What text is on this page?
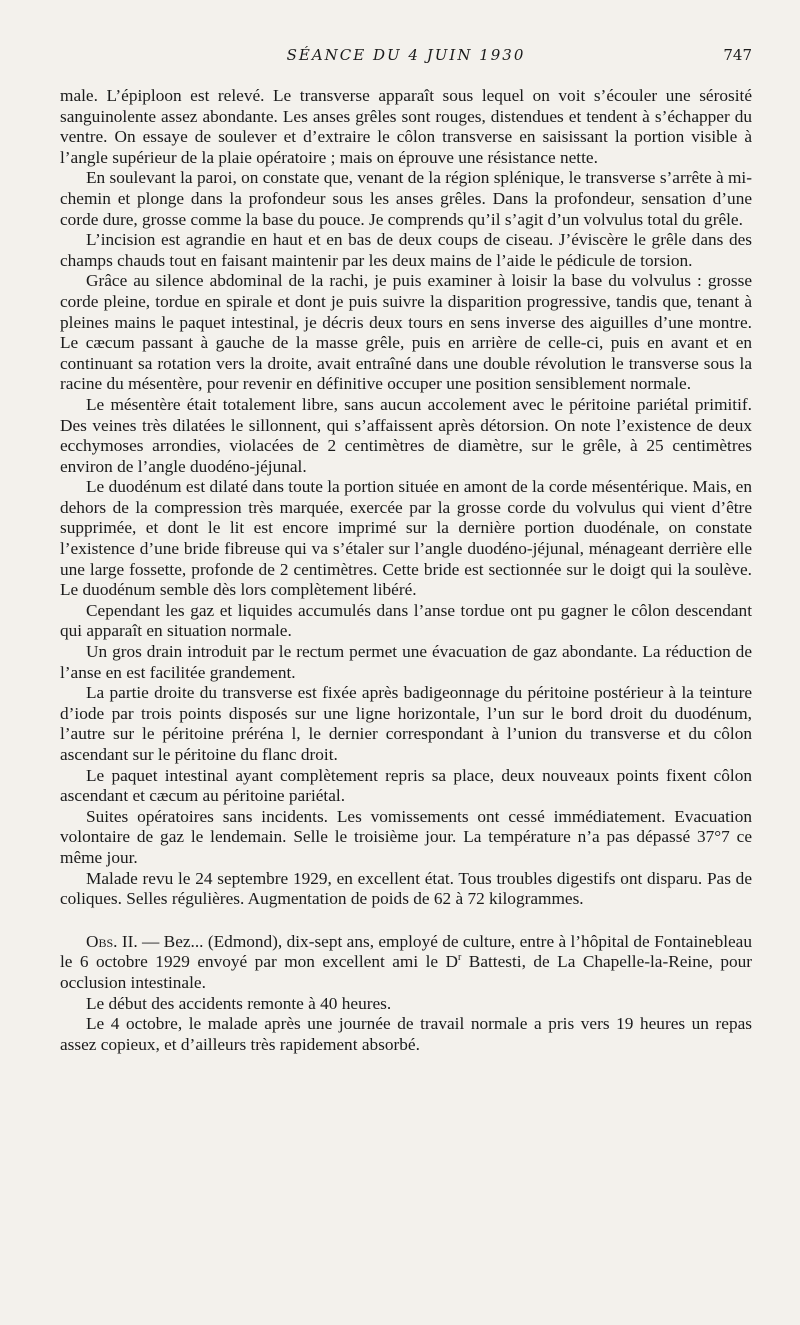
SÉANCE DU 4 JUIN 1930	747

male. L’épiploon est relevé. Le transverse apparaît sous lequel on voit s’écouler une sérosité sanguinolente assez abondante. Les anses grêles sont rouges, distendues et tendent à s’échapper du ventre. On essaye de soulever et d’extraire le côlon transverse en saisissant la portion visible à l’angle supérieur de la plaie opératoire ; mais on éprouve une résistance nette.

En soulevant la paroi, on constate que, venant de la région splénique, le transverse s’arrête à mi-chemin et plonge dans la profondeur sous les anses grêles. Dans la profondeur, sensation d’une corde dure, grosse comme la base du pouce. Je comprends qu’il s’agit d’un volvulus total du grêle.

L’incision est agrandie en haut et en bas de deux coups de ciseau. J’éviscère le grêle dans des champs chauds tout en faisant maintenir par les deux mains de l’aide le pédicule de torsion.

Grâce au silence abdominal de la rachi, je puis examiner à loisir la base du volvulus : grosse corde pleine, tordue en spirale et dont je puis suivre la disparition progressive, tandis que, tenant à pleines mains le paquet intestinal, je décris deux tours en sens inverse des aiguilles d’une montre. Le cæcum passant à gauche de la masse grêle, puis en arrière de celle-ci, puis en avant et en continuant sa rotation vers la droite, avait entraîné dans une double révolution le transverse sous la racine du mésentère, pour revenir en définitive occuper une position sensiblement normale.

Le mésentère était totalement libre, sans aucun accolement avec le péritoine pariétal primitif. Des veines très dilatées le sillonnent, qui s’affaissent après détorsion. On note l’existence de deux ecchymoses arrondies, violacées de 2 centimètres de diamètre, sur le grêle, à 25 centimètres environ de l’angle duodéno-jéjunal.

Le duodénum est dilaté dans toute la portion située en amont de la corde mésentérique. Mais, en dehors de la compression très marquée, exercée par la grosse corde du volvulus qui vient d’être supprimée, et dont le lit est encore imprimé sur la dernière portion duodénale, on constate l’existence d’une bride fibreuse qui va s’étaler sur l’angle duodéno-jéjunal, ménageant derrière elle une large fossette, profonde de 2 centimètres. Cette bride est sectionnée sur le doigt qui la soulève. Le duodénum semble dès lors complètement libéré.

Cependant les gaz et liquides accumulés dans l’anse tordue ont pu gagner le côlon descendant qui apparaît en situation normale.

Un gros drain introduit par le rectum permet une évacuation de gaz abondante. La réduction de l’anse en est facilitée grandement.

La partie droite du transverse est fixée après badigeonnage du péritoine postérieur à la teinture d’iode par trois points disposés sur une ligne horizontale, l’un sur le bord droit du duodénum, l’autre sur le péritoine préréna l, le dernier correspondant à l’union du transverse et du côlon ascendant sur le péritoine du flanc droit.

Le paquet intestinal ayant complètement repris sa place, deux nouveaux points fixent côlon ascendant et cæcum au péritoine pariétal.

Suites opératoires sans incidents. Les vomissements ont cessé immédiatement. Evacuation volontaire de gaz le lendemain. Selle le troisième jour. La température n’a pas dépassé 37°7 ce même jour.

Malade revu le 24 septembre 1929, en excellent état. Tous troubles digestifs ont disparu. Pas de coliques. Selles régulières. Augmentation de poids de 62 à 72 kilogrammes.

Obs. II. — Bez... (Edmond), dix-sept ans, employé de culture, entre à l’hôpital de Fontainebleau le 6 octobre 1929 envoyé par mon excellent ami le $D^r$ Battesti, de La Chapelle-la-Reine, pour occlusion intestinale.

Le début des accidents remonte à 40 heures.

Le 4 octobre, le malade après une journée de travail normale a pris vers 19 heures un repas assez copieux, et d’ailleurs très rapidement absorbé.
